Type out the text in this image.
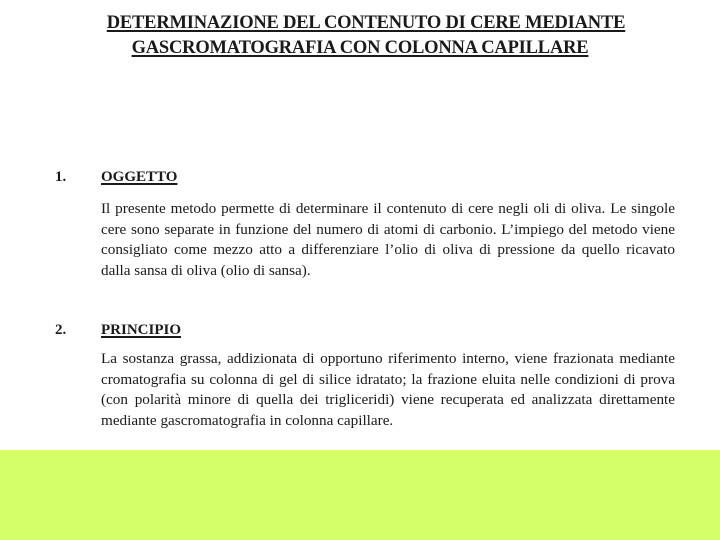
DETERMINAZIONE DEL CONTENUTO DI CERE MEDIANTE
GASCROMATOGRAFIA CON COLONNA CAPILLARE
1. OGGETTO
Il presente metodo permette di determinare il contenuto di cere negli oli di oliva. Le singole cere sono separate in funzione del numero di atomi di carbonio. L’impiego del metodo viene consigliato come mezzo atto a differenziare l’olio di oliva di pressione da quello ricavato dalla sansa di oliva (olio di sansa).
2. PRINCIPIO
La sostanza grassa, addizionata di opportuno riferimento interno, viene frazionata mediante cromatografia su colonna di gel di silice idratato; la frazione eluita nelle condizioni di prova (con polarità minore di quella dei trigliceridi) viene recuperata ed analizzata direttamente mediante gascromatografia in colonna capillare.
